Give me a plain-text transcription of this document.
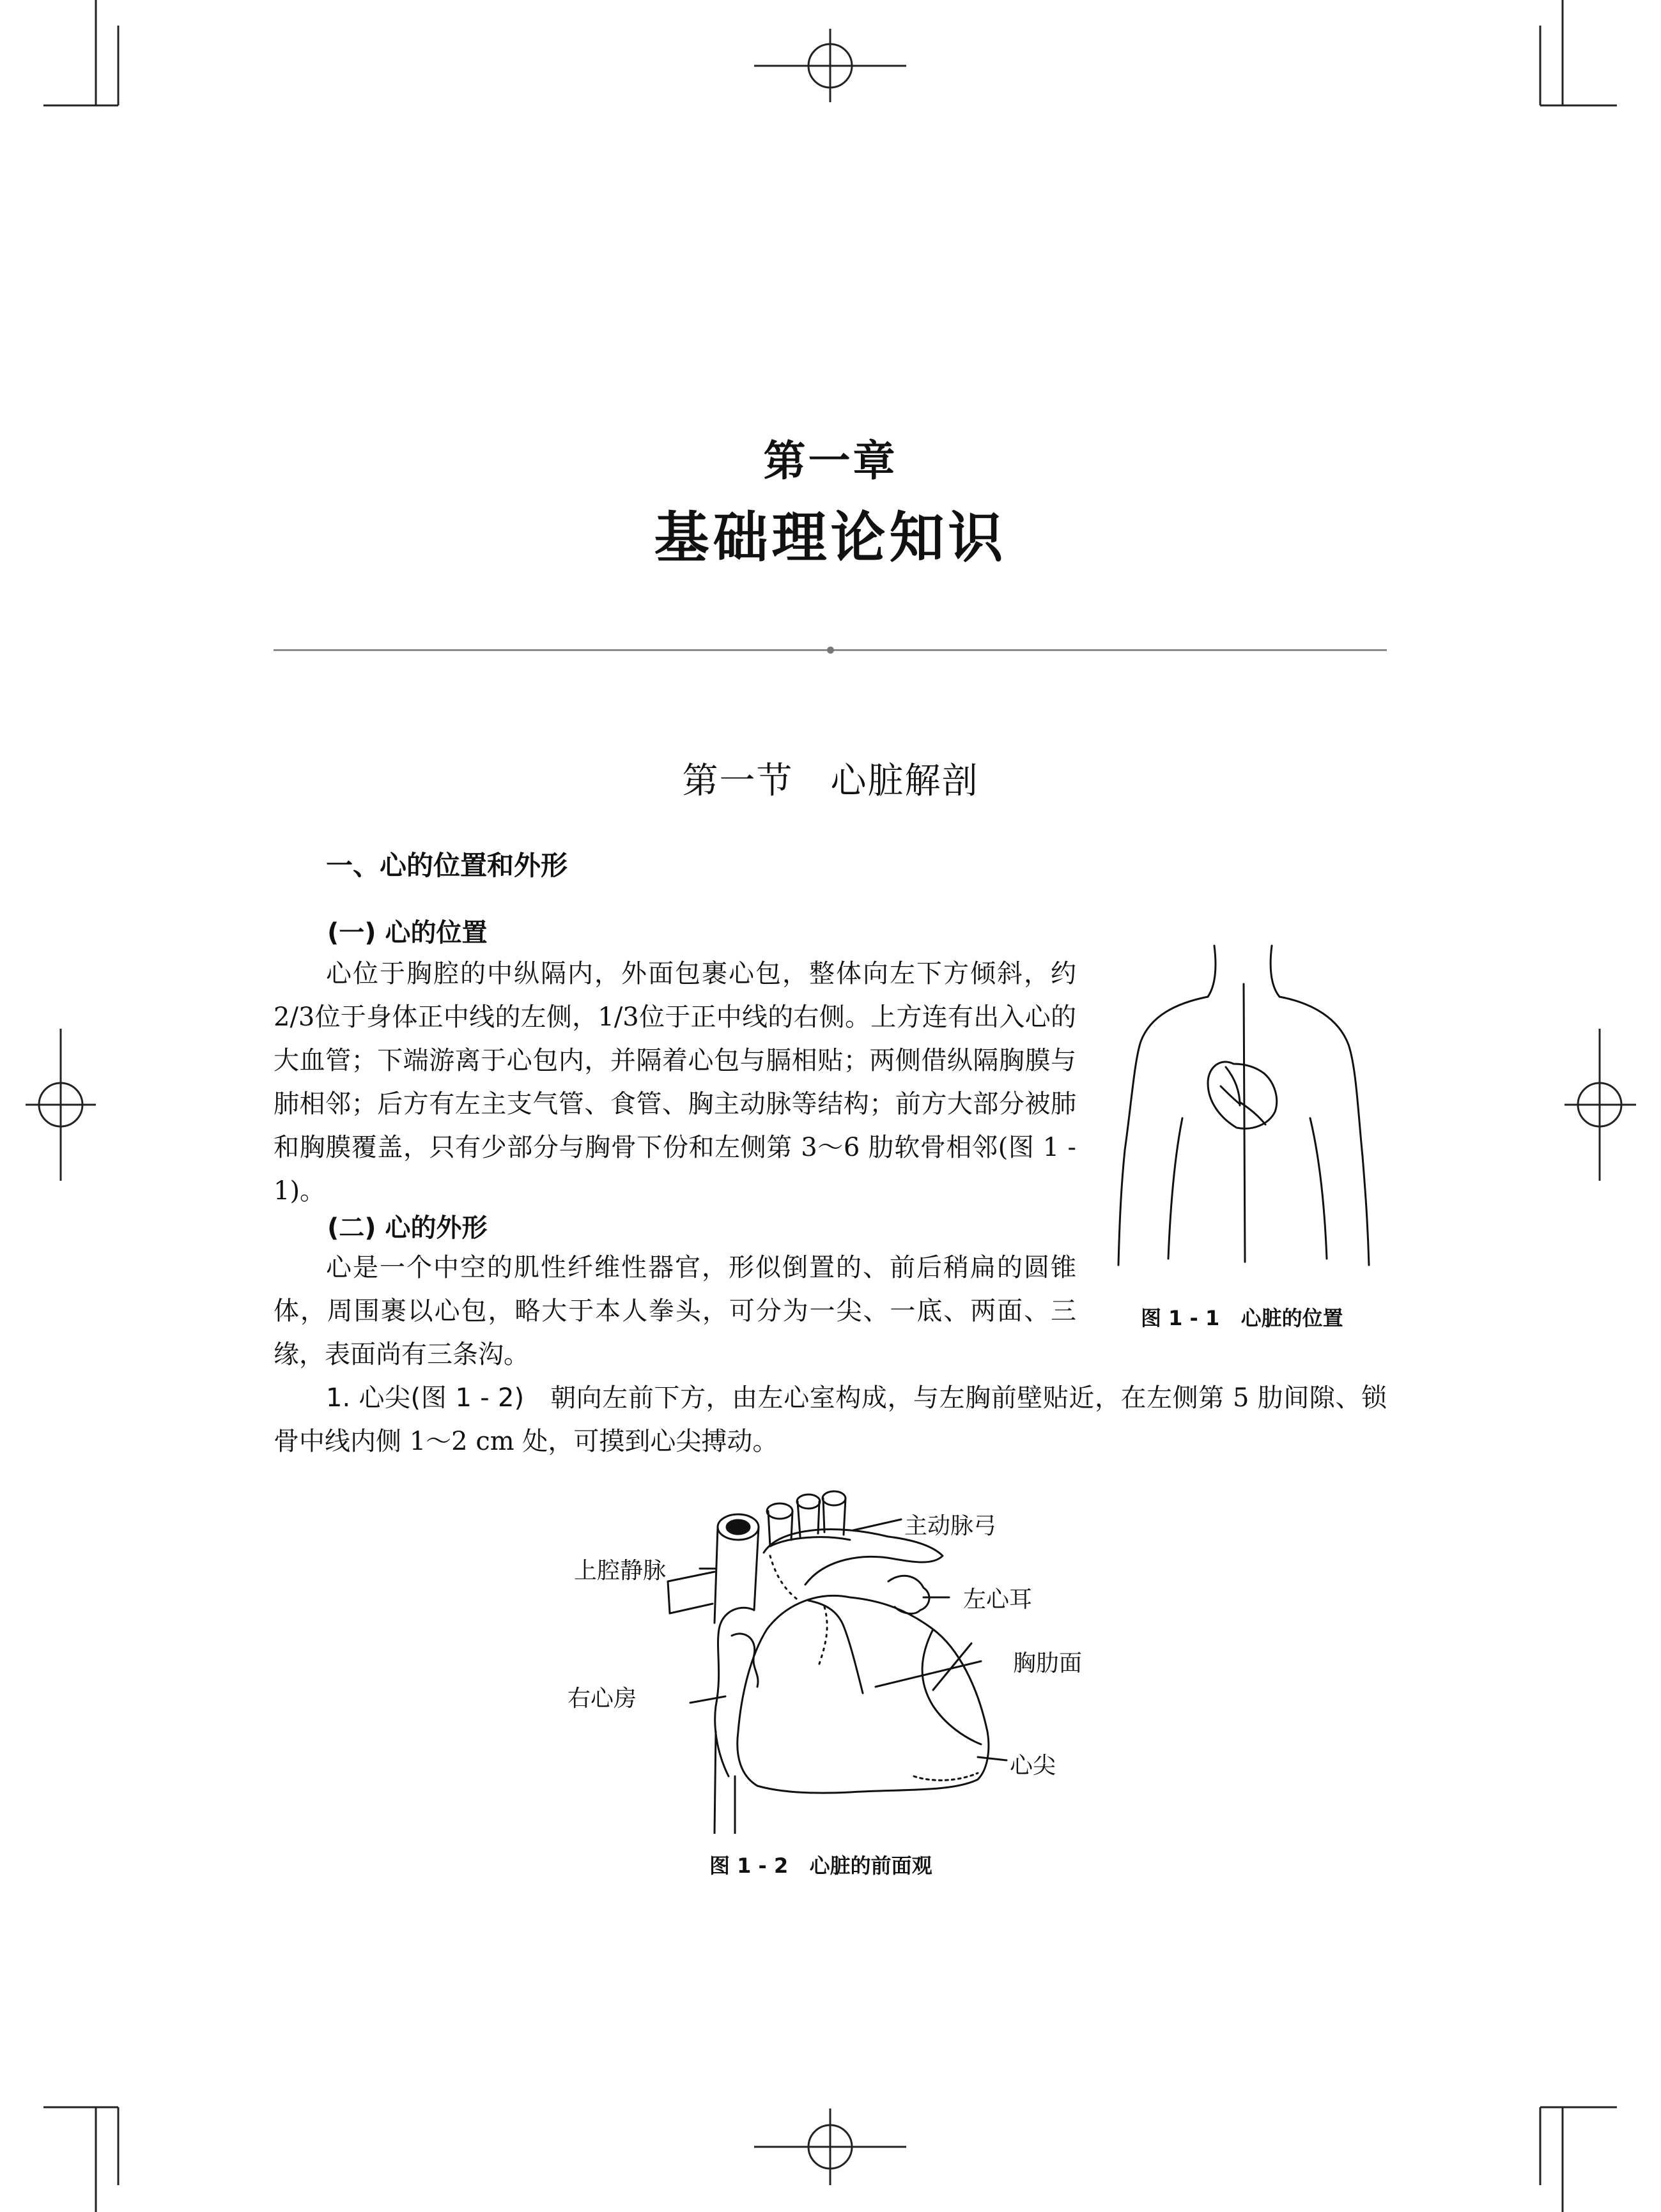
第一章
基础理论知识
第一节 心脏解剖
一、心的位置和外形
(一) 心的位置

心位于胸腔的中纵隔内，外面包裹心包，整体向左下方倾斜，约2/3位于身体正中线的左侧，1/3位于正中线的右侧。上方连有出入心的大血管；下端游离于心包内，并隔着心包与膈相贴；两侧借纵隔胸膜与肺相邻；后方有左主支气管、食管、胸主动脉等结构；前方大部分被肺和胸膜覆盖，只有少部分与胸骨下份和左侧第 3～6 肋软骨相邻(图 1 - 1)。

(二) 心的外形

心是一个中空的肌性纤维性器官，形似倒置的、前后稍扁的圆锥体，周围裹以心包，略大于本人拳头，可分为一尖、一底、两面、三缘，表面尚有三条沟。

1. 心尖(图 1 - 2)　 朝向左前下方，由左心室构成，与左胸前壁贴近，在左侧第 5 肋间隙、锁骨中线内侧 1～2 cm 处，可摸到心尖搏动。

图 1 - 1 心脏的位置
主动脉弓
上腔静脉
左心耳
胸肋面
右心房
心尖
图 1 - 2 心脏的前面观
